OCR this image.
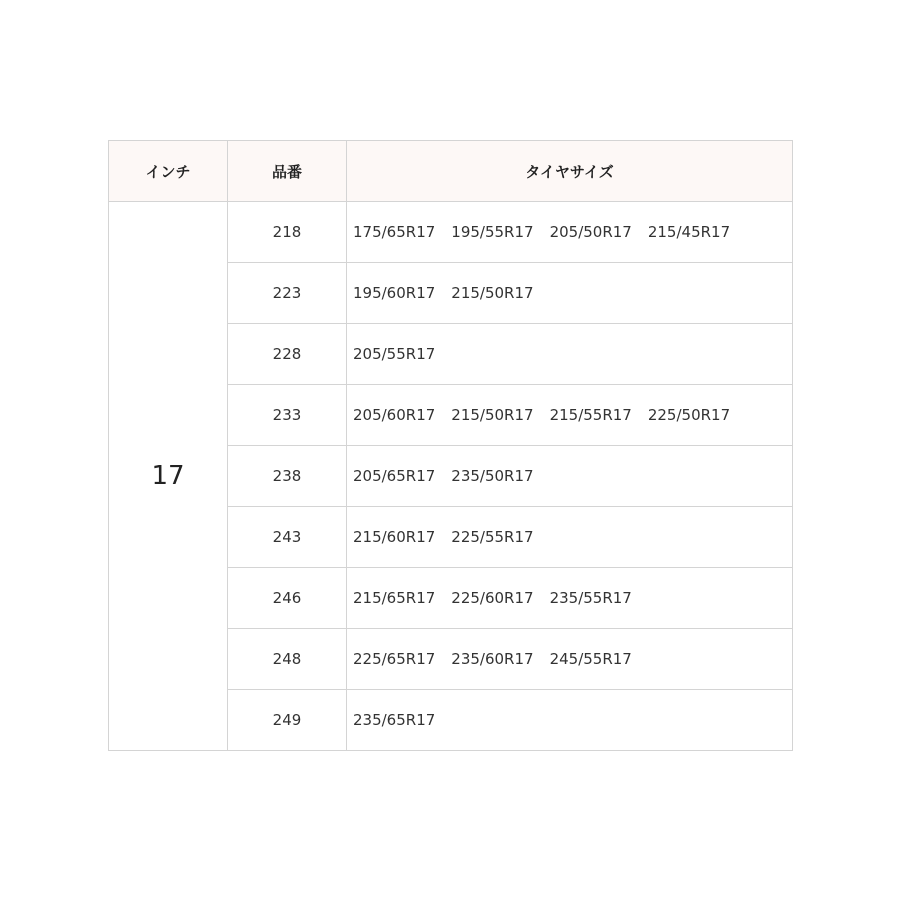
インチ	品番	タイヤサイズ
17	218	175/65R17 195/55R17 205/50R17 215/45R17
	223	195/60R17 215/50R17
	228	205/55R17
	233	205/60R17 215/50R17 215/55R17 225/50R17
	238	205/65R17 235/50R17
	243	215/60R17 225/55R17
	246	215/65R17 225/60R17 235/55R17
	248	225/65R17 235/60R17 245/55R17
	249	235/65R17
